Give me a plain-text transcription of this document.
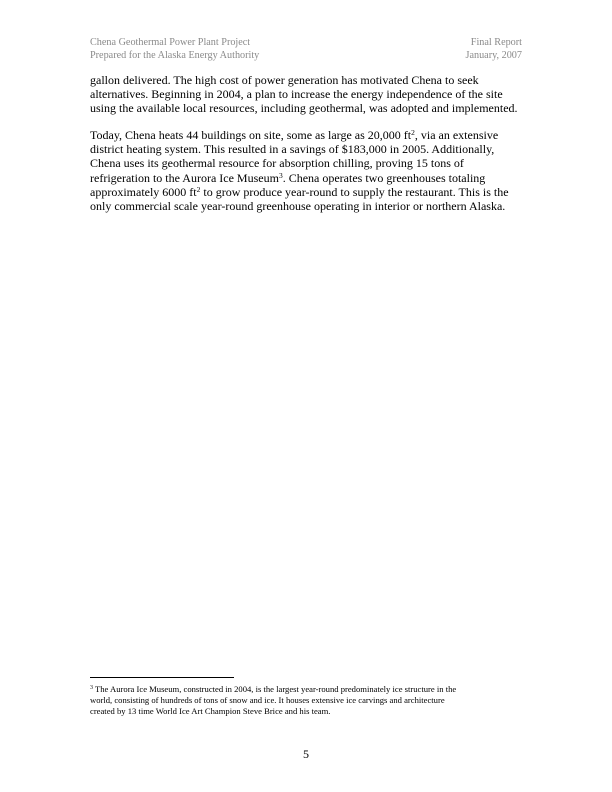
Chena Geothermal Power Plant Project
Prepared for the Alaska Energy Authority
Final Report
January, 2007
gallon delivered. The high cost of power generation has motivated Chena to seek
alternatives. Beginning in 2004, a plan to increase the energy independence of the site
using the available local resources, including geothermal, was adopted and implemented.
Today, Chena heats 44 buildings on site, some as large as 20,000 $ft^2$, via an extensive
district heating system. This resulted in a savings of $183,000 in 2005. Additionally,
Chena uses its geothermal resource for absorption chilling, proving 15 tons of
refrigeration to the Aurora Ice Museum$^3$. Chena operates two greenhouses totaling
approximately 6000 $ft^2$ to grow produce year-round to supply the restaurant. This is the
only commercial scale year-round greenhouse operating in interior or northern Alaska.
$^3$ The Aurora Ice Museum, constructed in 2004, is the largest year-round predominately ice structure in the
world, consisting of hundreds of tons of snow and ice. It houses extensive ice carvings and architecture
created by 13 time World Ice Art Champion Steve Brice and his team.
5
